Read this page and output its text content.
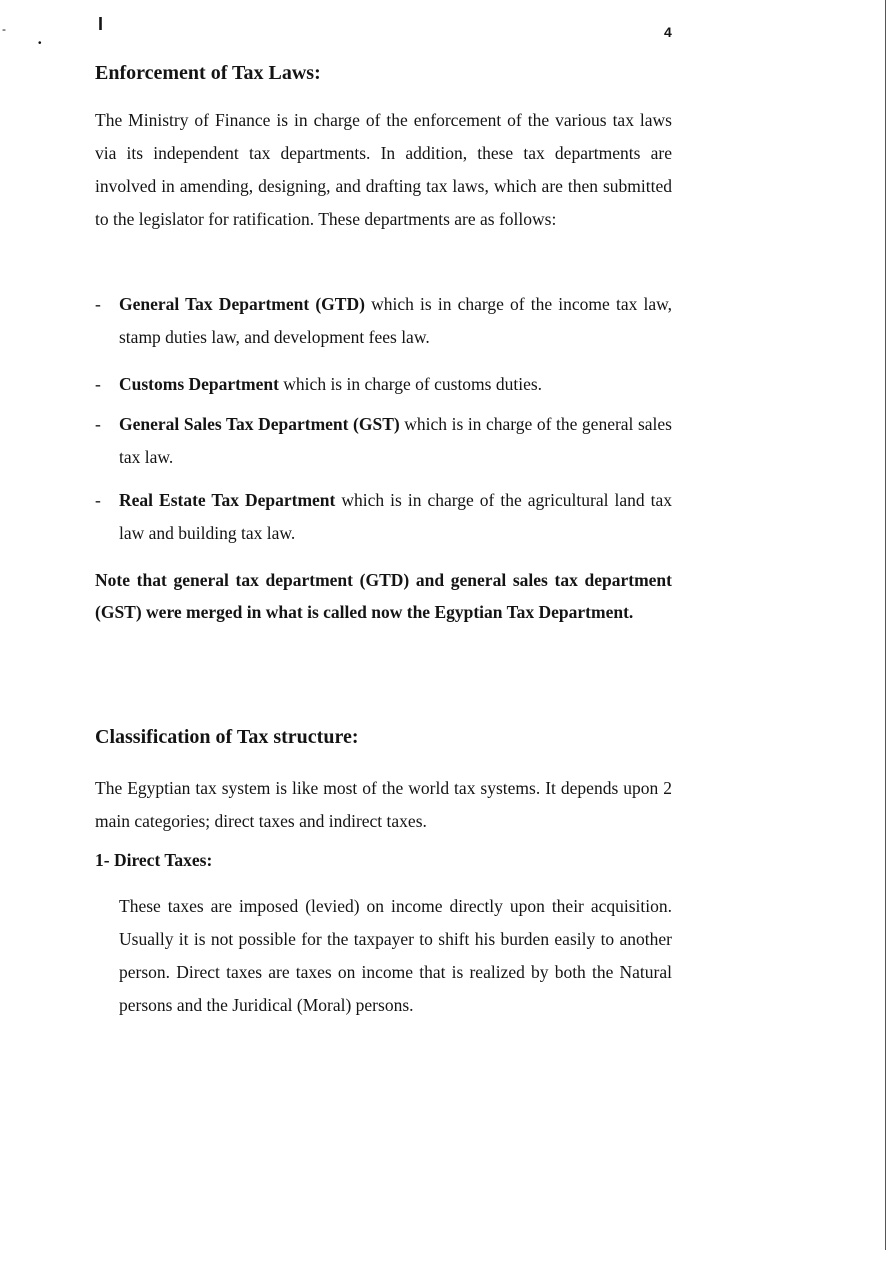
-
•
I	4
Enforcement of Tax Laws:

The Ministry of Finance is in charge of the enforcement of the various tax laws via its independent tax departments. In addition, these tax departments are involved in amending, designing, and drafting tax laws, which are then submitted to the legislator for ratification. These departments are as follows:

- General Tax Department (GTD) which is in charge of the income tax law, stamp duties law, and development fees law.
- Customs Department which is in charge of customs duties.
- General Sales Tax Department (GST) which is in charge of the general sales tax law.
- Real Estate Tax Department which is in charge of the agricultural land tax law and building tax law.

Note that general tax department (GTD) and general sales tax department (GST) were merged in what is called now the Egyptian Tax Department.

Classification of Tax structure:

The Egyptian tax system is like most of the world tax systems. It depends upon 2 main categories; direct taxes and indirect taxes.

1- Direct Taxes:

These taxes are imposed (levied) on income directly upon their acquisition. Usually it is not possible for the taxpayer to shift his burden easily to another person. Direct taxes are taxes on income that is realized by both the Natural persons and the Juridical (Moral) persons.
